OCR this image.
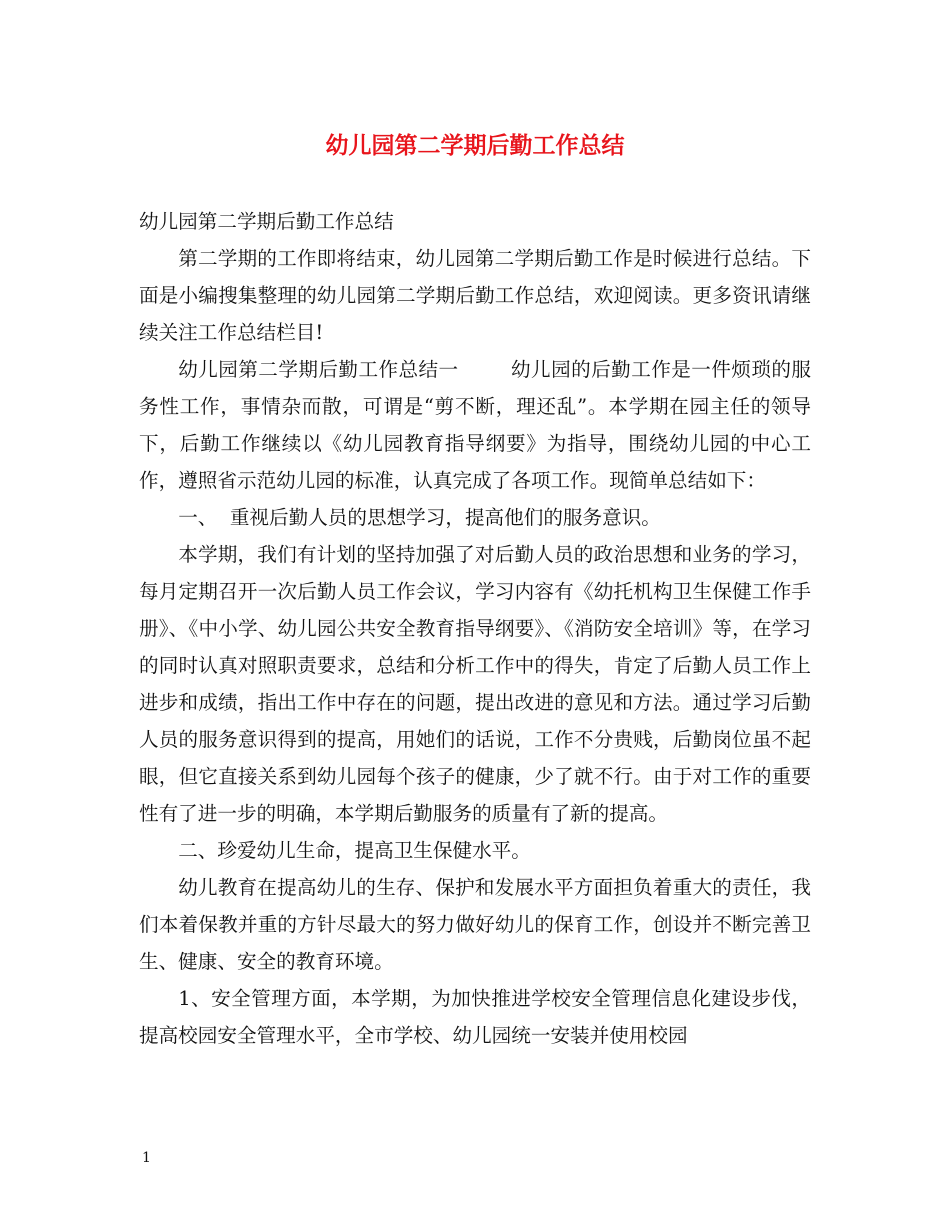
幼儿园第二学期后勤工作总结

幼儿园第二学期后勤工作总结

第二学期的工作即将结束，幼儿园第二学期后勤工作是时候进行总结。下面是小编搜集整理的幼儿园第二学期后勤工作总结，欢迎阅读。更多资讯请继续关注工作总结栏目!

幼儿园第二学期后勤工作总结一	幼儿园的后勤工作是一件烦琐的服务性工作，事情杂而散，可谓是“剪不断，理还乱”。本学期在园主任的领导下，后勤工作继续以《幼儿园教育指导纲要》为指导，围绕幼儿园的中心工作，遵照省示范幼儿园的标准，认真完成了各项工作。现简单总结如下：

一、  重视后勤人员的思想学习，提高他们的服务意识。

本学期，我们有计划的坚持加强了对后勤人员的政治思想和业务的学习，每月定期召开一次后勤人员工作会议，学习内容有《幼托机构卫生保健工作手册》、《中小学、幼儿园公共安全教育指导纲要》、《消防安全培训》等，在学习的同时认真对照职责要求，总结和分析工作中的得失，肯定了后勤人员工作上进步和成绩，指出工作中存在的问题，提出改进的意见和方法。通过学习后勤人员的服务意识得到的提高，用她们的话说，工作不分贵贱，后勤岗位虽不起眼，但它直接关系到幼儿园每个孩子的健康，少了就不行。由于对工作的重要性有了进一步的明确，本学期后勤服务的质量有了新的提高。

二、珍爱幼儿生命，提高卫生保健水平。

幼儿教育在提高幼儿的生存、保护和发展水平方面担负着重大的责任，我们本着保教并重的方针尽最大的努力做好幼儿的保育工作，创设并不断完善卫生、健康、安全的教育环境。

1、安全管理方面，本学期，为加快推进学校安全管理信息化建设步伐，提高校园安全管理水平，全市学校、幼儿园统一安装并使用校园

1
